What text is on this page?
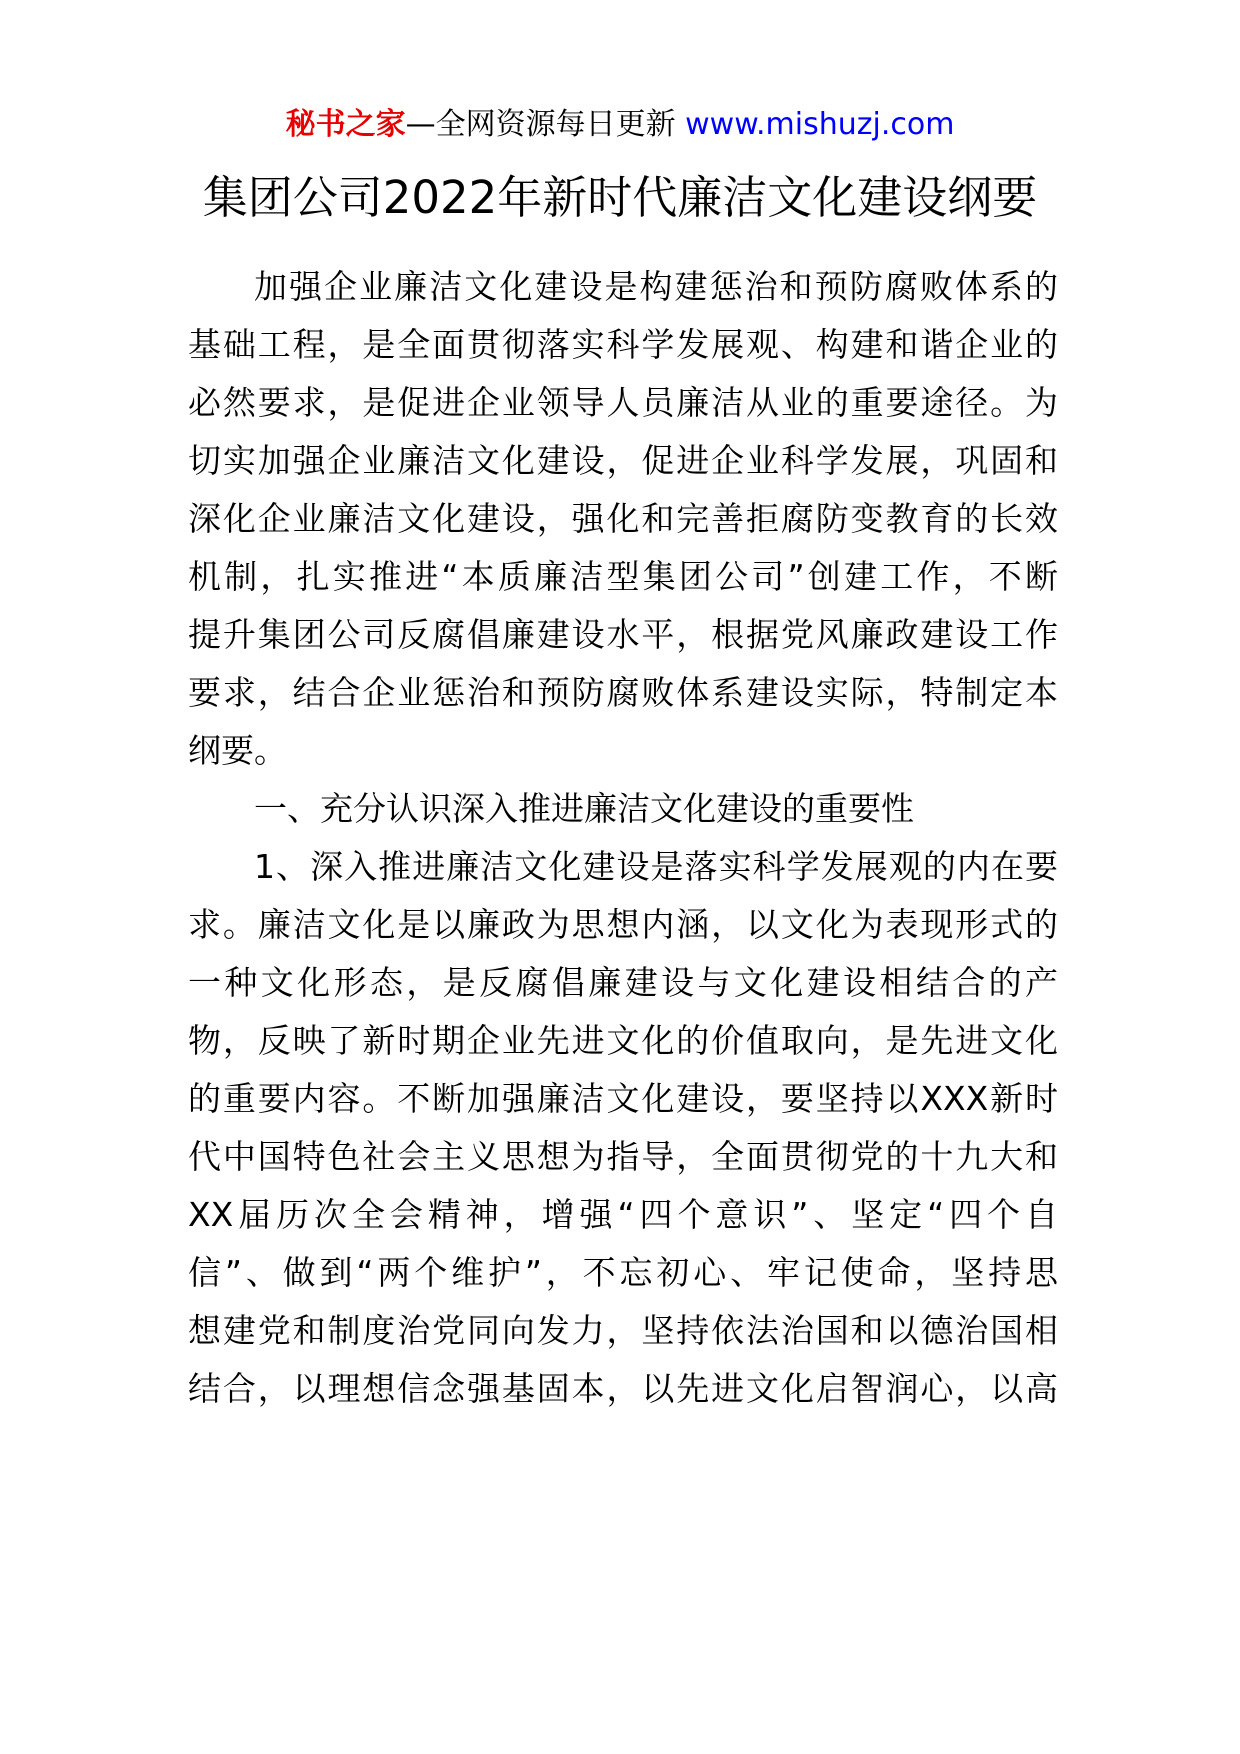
秘书之家—全网资源每日更新 www.mishuzj.com
集团公司2022年新时代廉洁文化建设纲要
加强企业廉洁文化建设是构建惩治和预防腐败体系的
基础工程，是全面贯彻落实科学发展观、构建和谐企业的
必然要求，是促进企业领导人员廉洁从业的重要途径。为
切实加强企业廉洁文化建设，促进企业科学发展，巩固和
深化企业廉洁文化建设，强化和完善拒腐防变教育的长效
机制，扎实推进“本质廉洁型集团公司”创建工作，不断
提升集团公司反腐倡廉建设水平，根据党风廉政建设工作
要求，结合企业惩治和预防腐败体系建设实际，特制定本
纲要。
一、充分认识深入推进廉洁文化建设的重要性
1、深入推进廉洁文化建设是落实科学发展观的内在要
求。廉洁文化是以廉政为思想内涵，以文化为表现形式的
一种文化形态，是反腐倡廉建设与文化建设相结合的产
物，反映了新时期企业先进文化的价值取向，是先进文化
的重要内容。不断加强廉洁文化建设，要坚持以XXX新时
代中国特色社会主义思想为指导，全面贯彻党的十九大和
XX届历次全会精神，增强“四个意识”、坚定“四个自
信”、做到“两个维护”，不忘初心、牢记使命，坚持思
想建党和制度治党同向发力，坚持依法治国和以德治国相
结合，以理想信念强基固本，以先进文化启智润心，以高
